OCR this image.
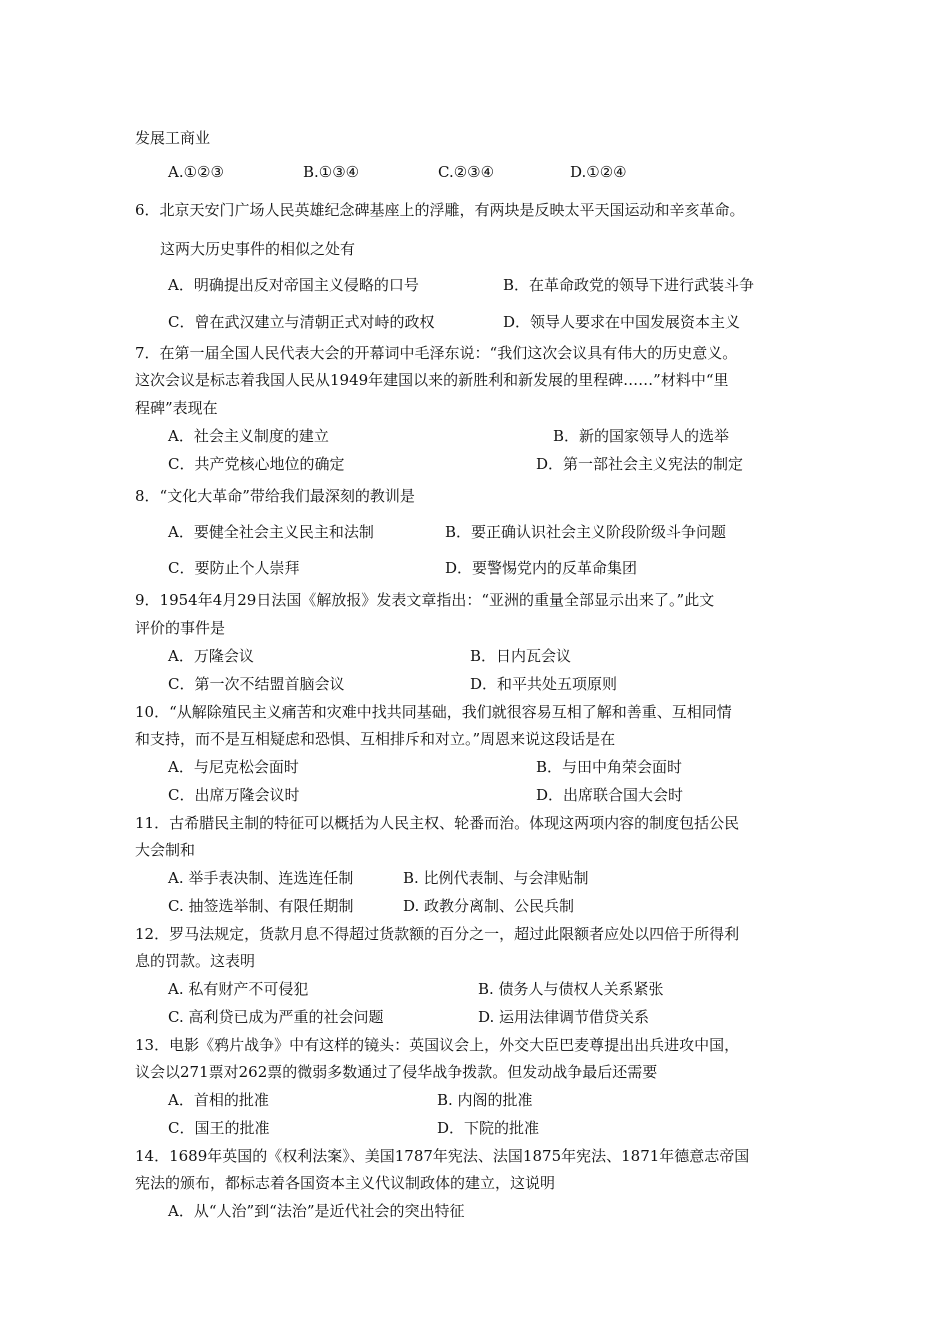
发展工商业
A.①②③	B.①③④	C.②③④	D.①②④
6．北京天安门广场人民英雄纪念碑基座上的浮雕，有两块是反映太平天国运动和辛亥革命。
这两大历史事件的相似之处有
A．明确提出反对帝国主义侵略的口号	B．在革命政党的领导下进行武装斗争
C．曾在武汉建立与清朝正式对峙的政权	D．领导人要求在中国发展资本主义
7．在第一届全国人民代表大会的开幕词中毛泽东说：“我们这次会议具有伟大的历史意义。
这次会议是标志着我国人民从1949年建国以来的新胜利和新发展的里程碑……”材料中“里
程碑”表现在
A．社会主义制度的建立	B．新的国家领导人的选举
C．共产党核心地位的确定	D．第一部社会主义宪法的制定
8．“文化大革命”带给我们最深刻的教训是
A．要健全社会主义民主和法制	B．要正确认识社会主义阶段阶级斗争问题
C．要防止个人崇拜	D．要警惕党内的反革命集团
9．1954年4月29日法国《解放报》发表文章指出：“亚洲的重量全部显示出来了。”此文
评价的事件是
A．万隆会议	B．日内瓦会议
C．第一次不结盟首脑会议	D．和平共处五项原则
10．“从解除殖民主义痛苦和灾难中找共同基础，我们就很容易互相了解和善重、互相同情
和支持，而不是互相疑虑和恐惧、互相排斥和对立。”周恩来说这段话是在
A．与尼克松会面时	B．与田中角荣会面时
C．出席万隆会议时	D．出席联合国大会时
11．古希腊民主制的特征可以概括为人民主权、轮番而治。体现这两项内容的制度包括公民
大会制和
A. 举手表决制、连选连任制	B. 比例代表制、与会津贴制
C. 抽签选举制、有限任期制	D. 政教分离制、公民兵制
12．罗马法规定，货款月息不得超过货款额的百分之一，超过此限额者应处以四倍于所得利
息的罚款。这表明
A. 私有财产不可侵犯	B. 债务人与债权人关系紧张
C. 高利贷已成为严重的社会问题	D. 运用法律调节借贷关系
13．电影《鸦片战争》中有这样的镜头：英国议会上，外交大臣巴麦尊提出出兵进攻中国，
议会以271票对262票的微弱多数通过了侵华战争拨款。但发动战争最后还需要
A．首相的批准	B. 内阁的批准
C．国王的批准	D．下院的批准
14．1689年英国的《权利法案》、美国1787年宪法、法国1875年宪法、1871年德意志帝国
宪法的颁布，都标志着各国资本主义代议制政体的建立，这说明
A．从“人治”到“法治”是近代社会的突出特征
